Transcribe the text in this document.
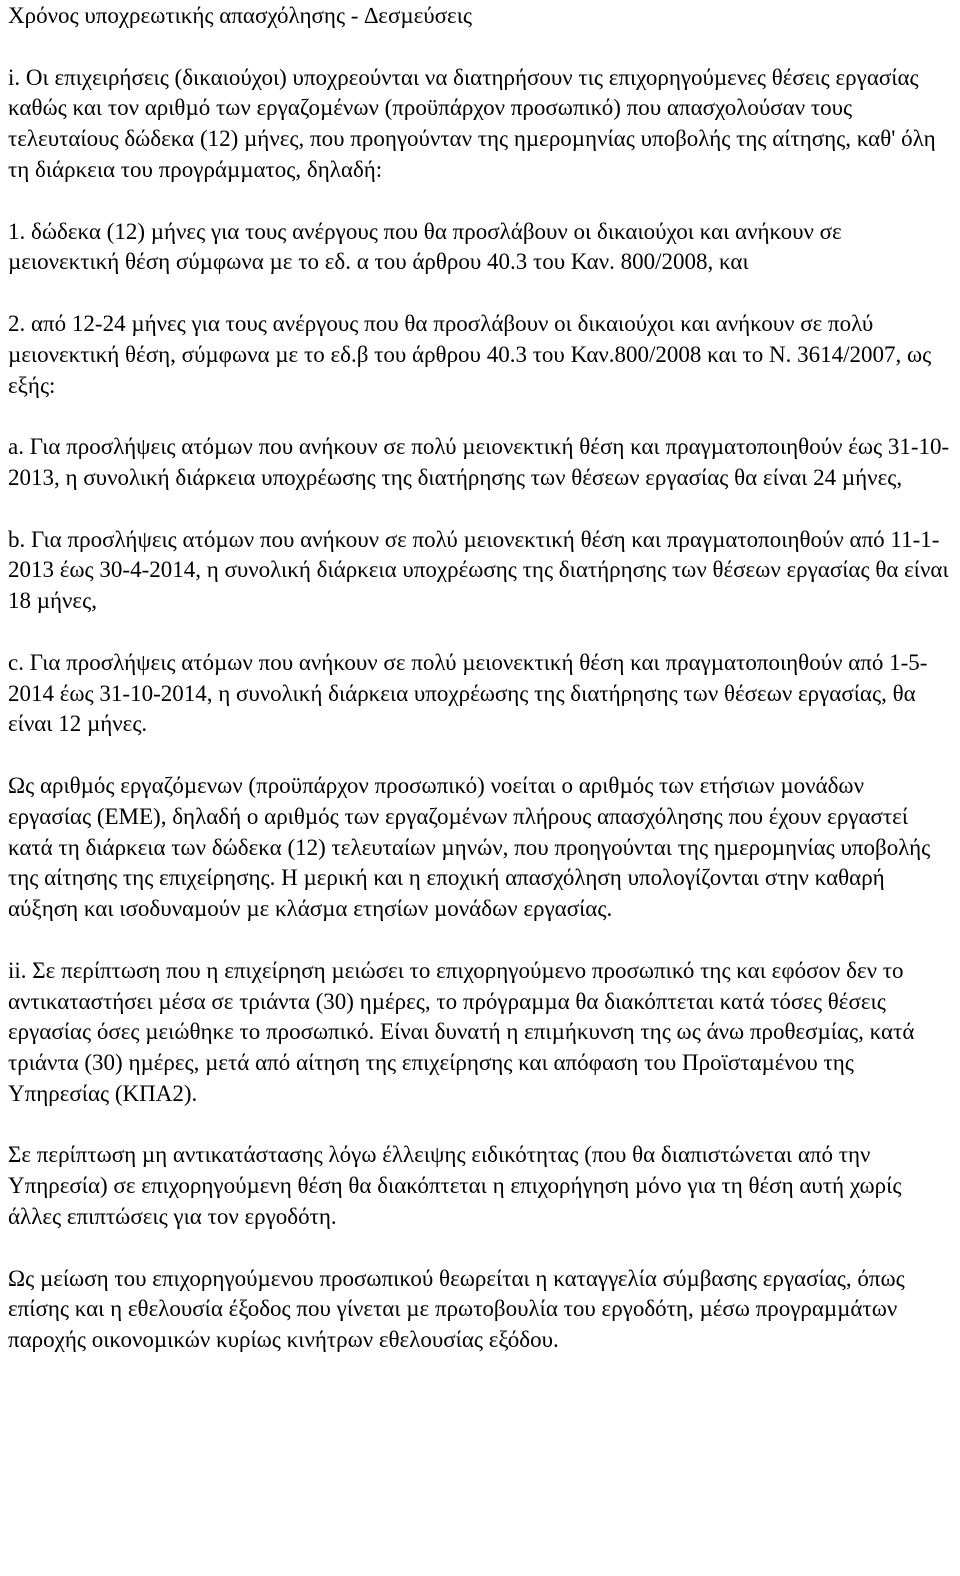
Χρόνος υποχρεωτικής απασχόλησης - ∆εσµεύσεις

i. Οι επιχειρήσεις (δικαιούχοι) υποχρεούνται να διατηρήσουν τις επιχορηγούµενες θέσεις εργασίας καθώς και τον αριθµό των εργαζοµένων (προϋπάρχον προσωπικό) που απασχολούσαν τους τελευταίους δώδεκα (12) µήνες, που προηγούνταν της ηµεροµηνίας υποβολής της αίτησης, καθ' όλη τη διάρκεια του προγράµµατος, δηλαδή:

1. δώδεκα (12) µήνες για τους ανέργους που θα προσλάβουν οι δικαιούχοι και ανήκουν σε µειονεκτική θέση σύµφωνα µε το εδ. α του άρθρου 40.3 του Καν. 800/2008, και

2. από 12-24 µήνες για τους ανέργους που θα προσλάβουν οι δικαιούχοι και ανήκουν σε πολύ µειονεκτική θέση, σύµφωνα µε το εδ.β του άρθρου 40.3 του Καν.800/2008 και το Ν. 3614/2007, ως εξής:

a. Για προσλήψεις ατόµων που ανήκουν σε πολύ µειονεκτική θέση και πραγµατοποιηθούν έως 31-10-2013, η συνολική διάρκεια υποχρέωσης της διατήρησης των θέσεων εργασίας θα είναι 24 µήνες,

b. Για προσλήψεις ατόµων που ανήκουν σε πολύ µειονεκτική θέση και πραγµατοποιηθούν από 11-1-2013 έως 30-4-2014, η συνολική διάρκεια υποχρέωσης της διατήρησης των θέσεων εργασίας θα είναι 18 µήνες,

c. Για προσλήψεις ατόµων που ανήκουν σε πολύ µειονεκτική θέση και πραγµατοποιηθούν από 1-5-2014 έως 31-10-2014, η συνολική διάρκεια υποχρέωσης της διατήρησης των θέσεων εργασίας, θα είναι 12 µήνες.

Ως αριθµός εργαζόµενων (προϋπάρχον προσωπικό) νοείται ο αριθµός των ετήσιων µονάδων εργασίας (ΕΜΕ), δηλαδή ο αριθµός των εργαζοµένων πλήρους απασχόλησης που έχουν εργαστεί κατά τη διάρκεια των δώδεκα (12) τελευταίων µηνών, που προηγούνται της ηµεροµηνίας υποβολής της αίτησης της επιχείρησης. Η µερική και η εποχική απασχόληση υπολογίζονται στην καθαρή αύξηση και ισοδυναµούν µε κλάσµα ετησίων µονάδων εργασίας.

ii. Σε περίπτωση που η επιχείρηση µειώσει το επιχορηγούµενο προσωπικό της και εφόσον δεν το αντικαταστήσει µέσα σε τριάντα (30) ηµέρες, το πρόγραµµα θα διακόπτεται κατά τόσες θέσεις εργασίας όσες µειώθηκε το προσωπικό. Είναι δυνατή η επιµήκυνση της ως άνω προθεσµίας, κατά τριάντα (30) ηµέρες, µετά από αίτηση της επιχείρησης και απόφαση του Προϊσταµένου της Υπηρεσίας (ΚΠΑ2).

Σε περίπτωση µη αντικατάστασης λόγω έλλειψης ειδικότητας (που θα διαπιστώνεται από την Υπηρεσία) σε επιχορηγούµενη θέση θα διακόπτεται η επιχορήγηση µόνο για τη θέση αυτή χωρίς άλλες επιπτώσεις για τον εργοδότη.

Ως µείωση του επιχορηγούµενου προσωπικού θεωρείται η καταγγελία σύµβασης εργασίας, όπως επίσης και η εθελουσία έξοδος που γίνεται µε πρωτοβουλία του εργοδότη, µέσω προγραµµάτων παροχής οικονοµικών κυρίως κινήτρων εθελουσίας εξόδου.
